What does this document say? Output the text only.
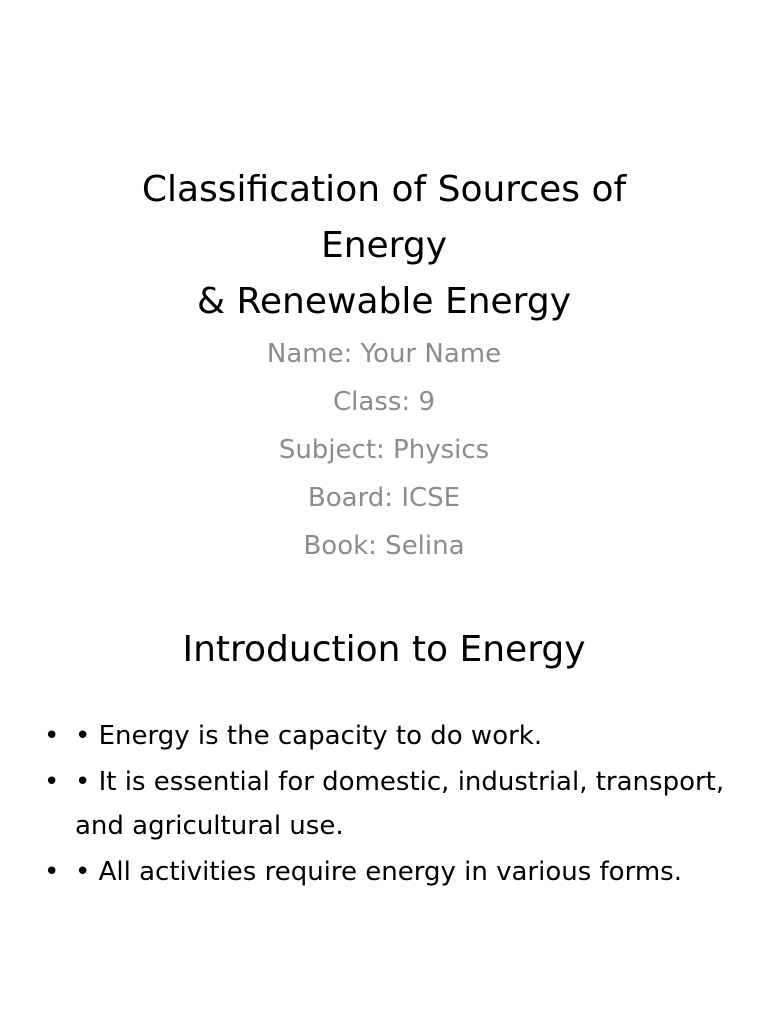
Classification of Sources of
Energy
& Renewable Energy
Name: Your Name
Class: 9
Subject: Physics
Board: ICSE
Book: Selina
Introduction to Energy
• • Energy is the capacity to do work.
• • It is essential for domestic, industrial, transport, and agricultural use.
• • All activities require energy in various forms.
